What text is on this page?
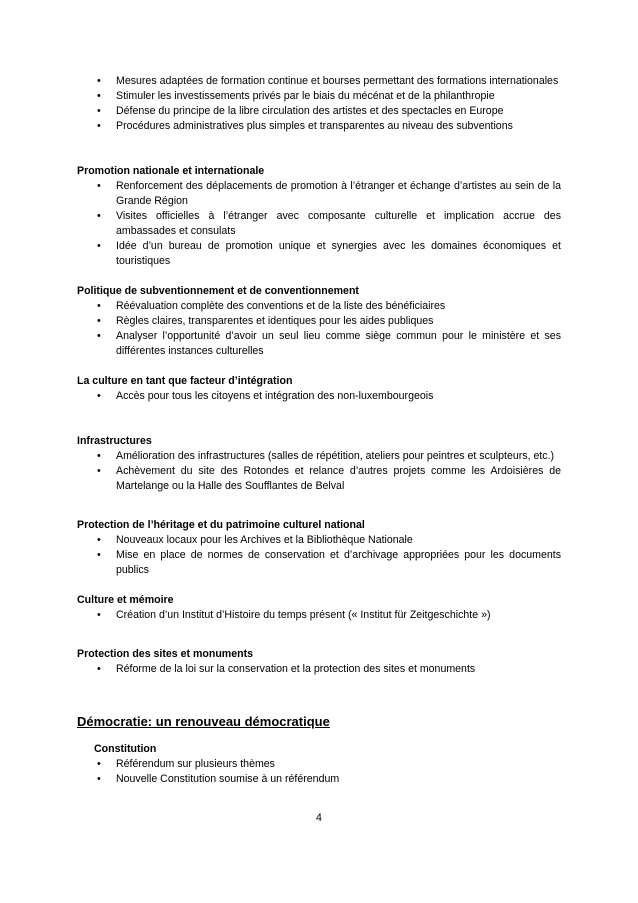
• Mesures adaptées de formation continue et bourses permettant des formations internationales
• Stimuler les investissements privés par le biais du mécénat et de la philanthropie
• Défense du principe de la libre circulation des artistes et des spectacles en Europe
• Procédures administratives plus simples et transparentes au niveau des subventions

Promotion nationale et internationale

• Renforcement des déplacements de promotion à l’étranger et échange d’artistes au sein de la Grande Région
• Visites officielles à l’étranger avec composante culturelle et implication accrue des ambassades et consulats
• Idée d’un bureau de promotion unique et synergies avec les domaines économiques et touristiques

Politique de subventionnement et de conventionnement

• Réévaluation complète des conventions et de la liste des bénéficiaires
• Règles claires, transparentes et identiques pour les aides publiques
• Analyser l’opportunité d’avoir un seul lieu comme siège commun pour le ministère et ses différentes instances culturelles

La culture en tant que facteur d’intégration

• Accès pour tous les citoyens et intégration des non-luxembourgeois

Infrastructures

• Amélioration des infrastructures (salles de répétition, ateliers pour peintres et sculpteurs, etc.)
• Achèvement du site des Rotondes et relance d’autres projets comme les Ardoisières de Martelange ou la Halle des Soufflantes de Belval

Protection de l’héritage et du patrimoine culturel national

• Nouveaux locaux pour les Archives et la Bibliothèque Nationale
• Mise en place de normes de conservation et d’archivage appropriées pour les documents publics

Culture et mémoire

• Création d’un Institut d’Histoire du temps présent (« Institut für Zeitgeschichte »)

Protection des sites et monuments

• Réforme de la loi sur la conservation et la protection des sites et monuments

Démocratie: un renouveau démocratique

Constitution

• Référendum sur plusieurs thèmes
• Nouvelle Constitution soumise à un référendum
4
